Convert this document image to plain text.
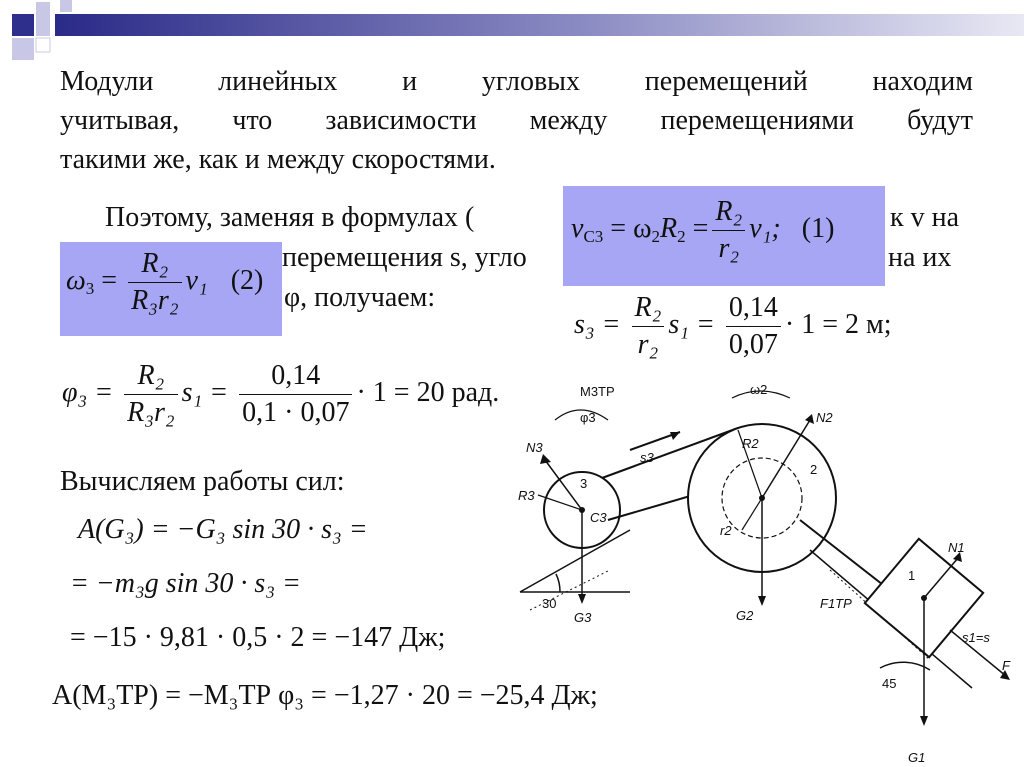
Модули линейных и угловых перемещений находим
учитывая, что зависимости между перемещениями будут
такими же, как и между скоростями.
Поэтому, заменяя в формулах (	к v на
перемещения s, угло	на их
φ, получаем:
$v_{C3} = \omega_2R_2 = \frac{\text{R₂}}{\text{r₂}} v_1$; (1)
$\omega_3 = \frac{\text{R₂}}{\text{R₃r₂}} v_1$ (2)
$s_3 = \frac{\text{R₂}}{\text{r₂}} s_1 = \frac{0,14}{0,07} \cdot 1 = 2$ м;
$\varphi_3 = \frac{\text{R₂}}{\text{R₃r₂}} s_1 = \frac{0,14}{0,1 \cdot 0,07} \cdot 1 = 20$ рад.
Вычисляем работы сил:
A(G₃) = −G₃ sin 30 · s₃ =
= −m₃g sin 30 · s₃ =
= −15 · 9,81 · 0,5 · 2 = −147 Дж;
A(M₃ТР) = −M₃ТР φ₃ = −1,27 · 20 = −25,4 Дж;
M3ТР
φ3
N3
s3
3
R3
C3
30
G3
ω2
R2
r2
N2
2
G2
F1ТР
1
N1
s1=s
F
45
G1
